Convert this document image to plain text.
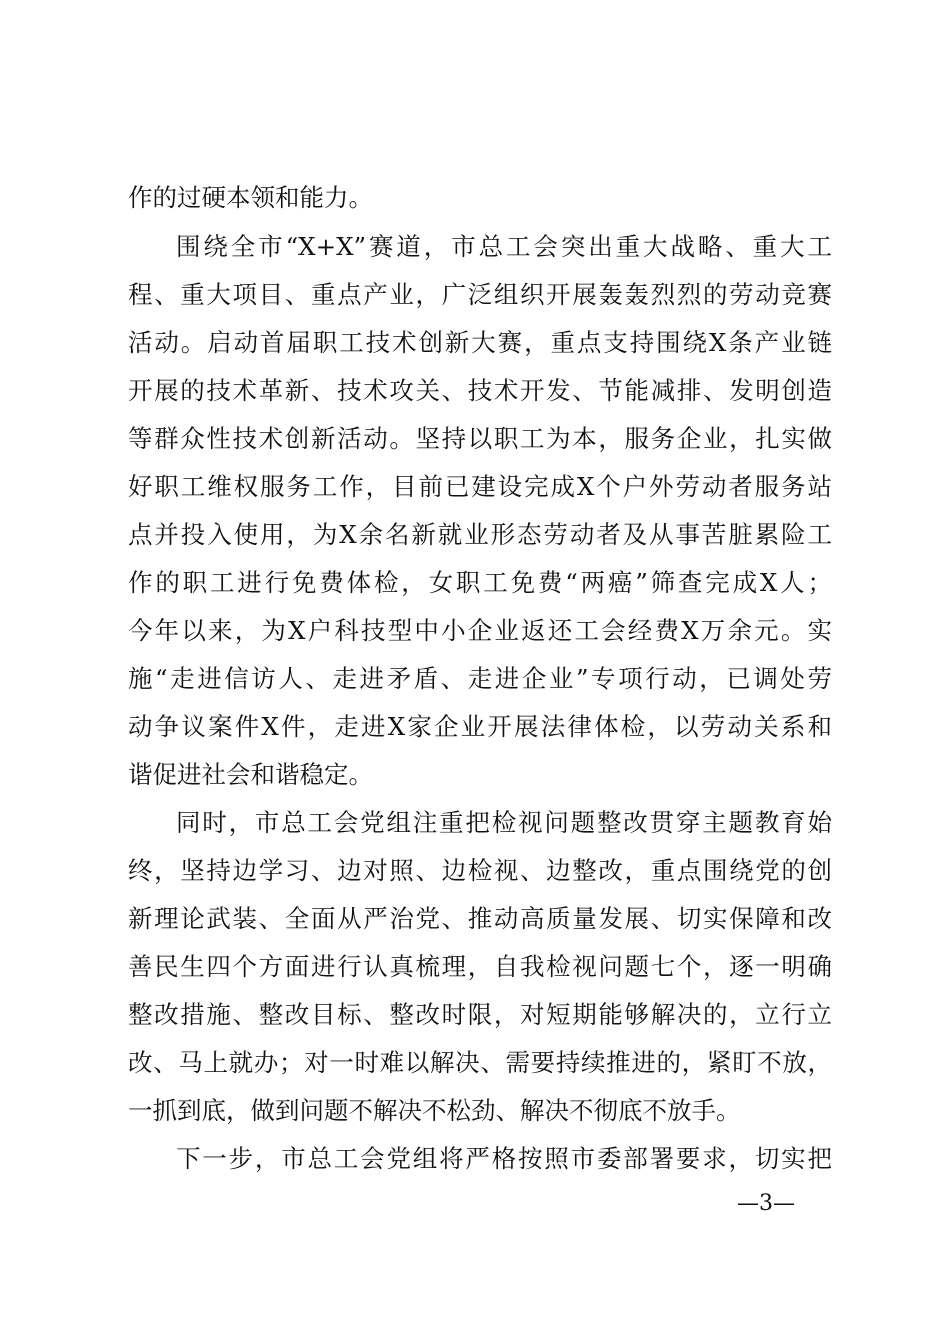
作的过硬本领和能力。
围绕全市“X+X”赛道，市总工会突出重大战略、重大工
程、重大项目、重点产业，广泛组织开展轰轰烈烈的劳动竞赛
活动。启动首届职工技术创新大赛，重点支持围绕X条产业链
开展的技术革新、技术攻关、技术开发、节能减排、发明创造
等群众性技术创新活动。坚持以职工为本，服务企业，扎实做
好职工维权服务工作，目前已建设完成X个户外劳动者服务站
点并投入使用，为X余名新就业形态劳动者及从事苦脏累险工
作的职工进行免费体检，女职工免费“两癌”筛查完成X人；
今年以来，为X户科技型中小企业返还工会经费X万余元。实
施“走进信访人、走进矛盾、走进企业”专项行动，已调处劳
动争议案件X件，走进X家企业开展法律体检，以劳动关系和
谐促进社会和谐稳定。
同时，市总工会党组注重把检视问题整改贯穿主题教育始
终，坚持边学习、边对照、边检视、边整改，重点围绕党的创
新理论武装、全面从严治党、推动高质量发展、切实保障和改
善民生四个方面进行认真梳理，自我检视问题七个，逐一明确
整改措施、整改目标、整改时限，对短期能够解决的，立行立
改、马上就办；对一时难以解决、需要持续推进的，紧盯不放，
一抓到底，做到问题不解决不松劲、解决不彻底不放手。
下一步，市总工会党组将严格按照市委部署要求，切实把
—3—
